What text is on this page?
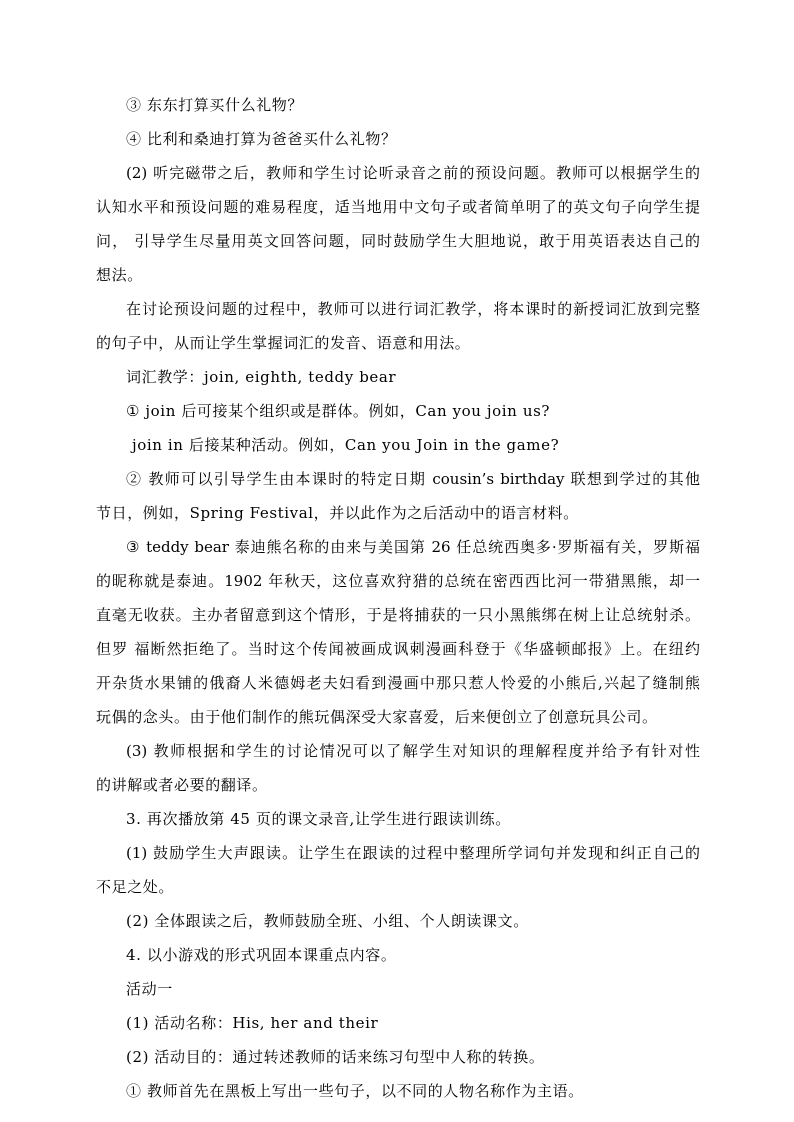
③ 东东打算买什么礼物？
④ 比利和桑迪打算为爸爸买什么礼物？
(2) 听完磁带之后，教师和学生讨论听录音之前的预设问题。教师可以根据学生的
认知水平和预设问题的难易程度，适当地用中文句子或者简单明了的英文句子向学生提
问， 引导学生尽量用英文回答问题，同时鼓励学生大胆地说，敢于用英语表达自己的
想法。
在讨论预设问题的过程中，教师可以进行词汇教学，将本课时的新授词汇放到完整
的句子中，从而让学生掌握词汇的发音、语意和用法。
词汇教学：join, eighth, teddy bear
① join 后可接某个组织或是群体。例如，Can you join us?
join in 后接某种活动。例如，Can you Join in the game?
② 教师可以引导学生由本课时的特定日期 cousin’s birthday 联想到学过的其他
节日，例如，Spring Festival，并以此作为之后活动中的语言材料。
③ teddy bear 泰迪熊名称的由来与美国第 26 任总统西奥多·罗斯福有关，罗斯福
的昵称就是泰迪。1902 年秋天，这位喜欢狩猎的总统在密西西比河一带猎黑熊，却一
直毫无收获。主办者留意到这个情形，于是将捕获的一只小黑熊绑在树上让总统射杀。
但罗 福断然拒绝了。当时这个传闻被画成讽刺漫画科登于《华盛顿邮报》上。在纽约
开杂货水果铺的俄裔人米德姆老夫妇看到漫画中那只惹人怜爱的小熊后,兴起了缝制熊
玩偶的念头。由于他们制作的熊玩偶深受大家喜爱，后来便创立了创意玩具公司。
(3) 教师根据和学生的讨论情况可以了解学生对知识的理解程度并给予有针对性
的讲解或者必要的翻译。
3. 再次播放第 45 页的课文录音,让学生进行跟读训练。
(1) 鼓励学生大声跟读。让学生在跟读的过程中整理所学词句并发现和纠正自己的
不足之处。
(2) 全体跟读之后，教师鼓励全班、小组、个人朗读课文。
4. 以小游戏的形式巩固本课重点内容。
活动一
(1) 活动名称：His, her and their
(2) 活动目的：通过转述教师的话来练习句型中人称的转换。
① 教师首先在黑板上写出一些句子，以不同的人物名称作为主语。
